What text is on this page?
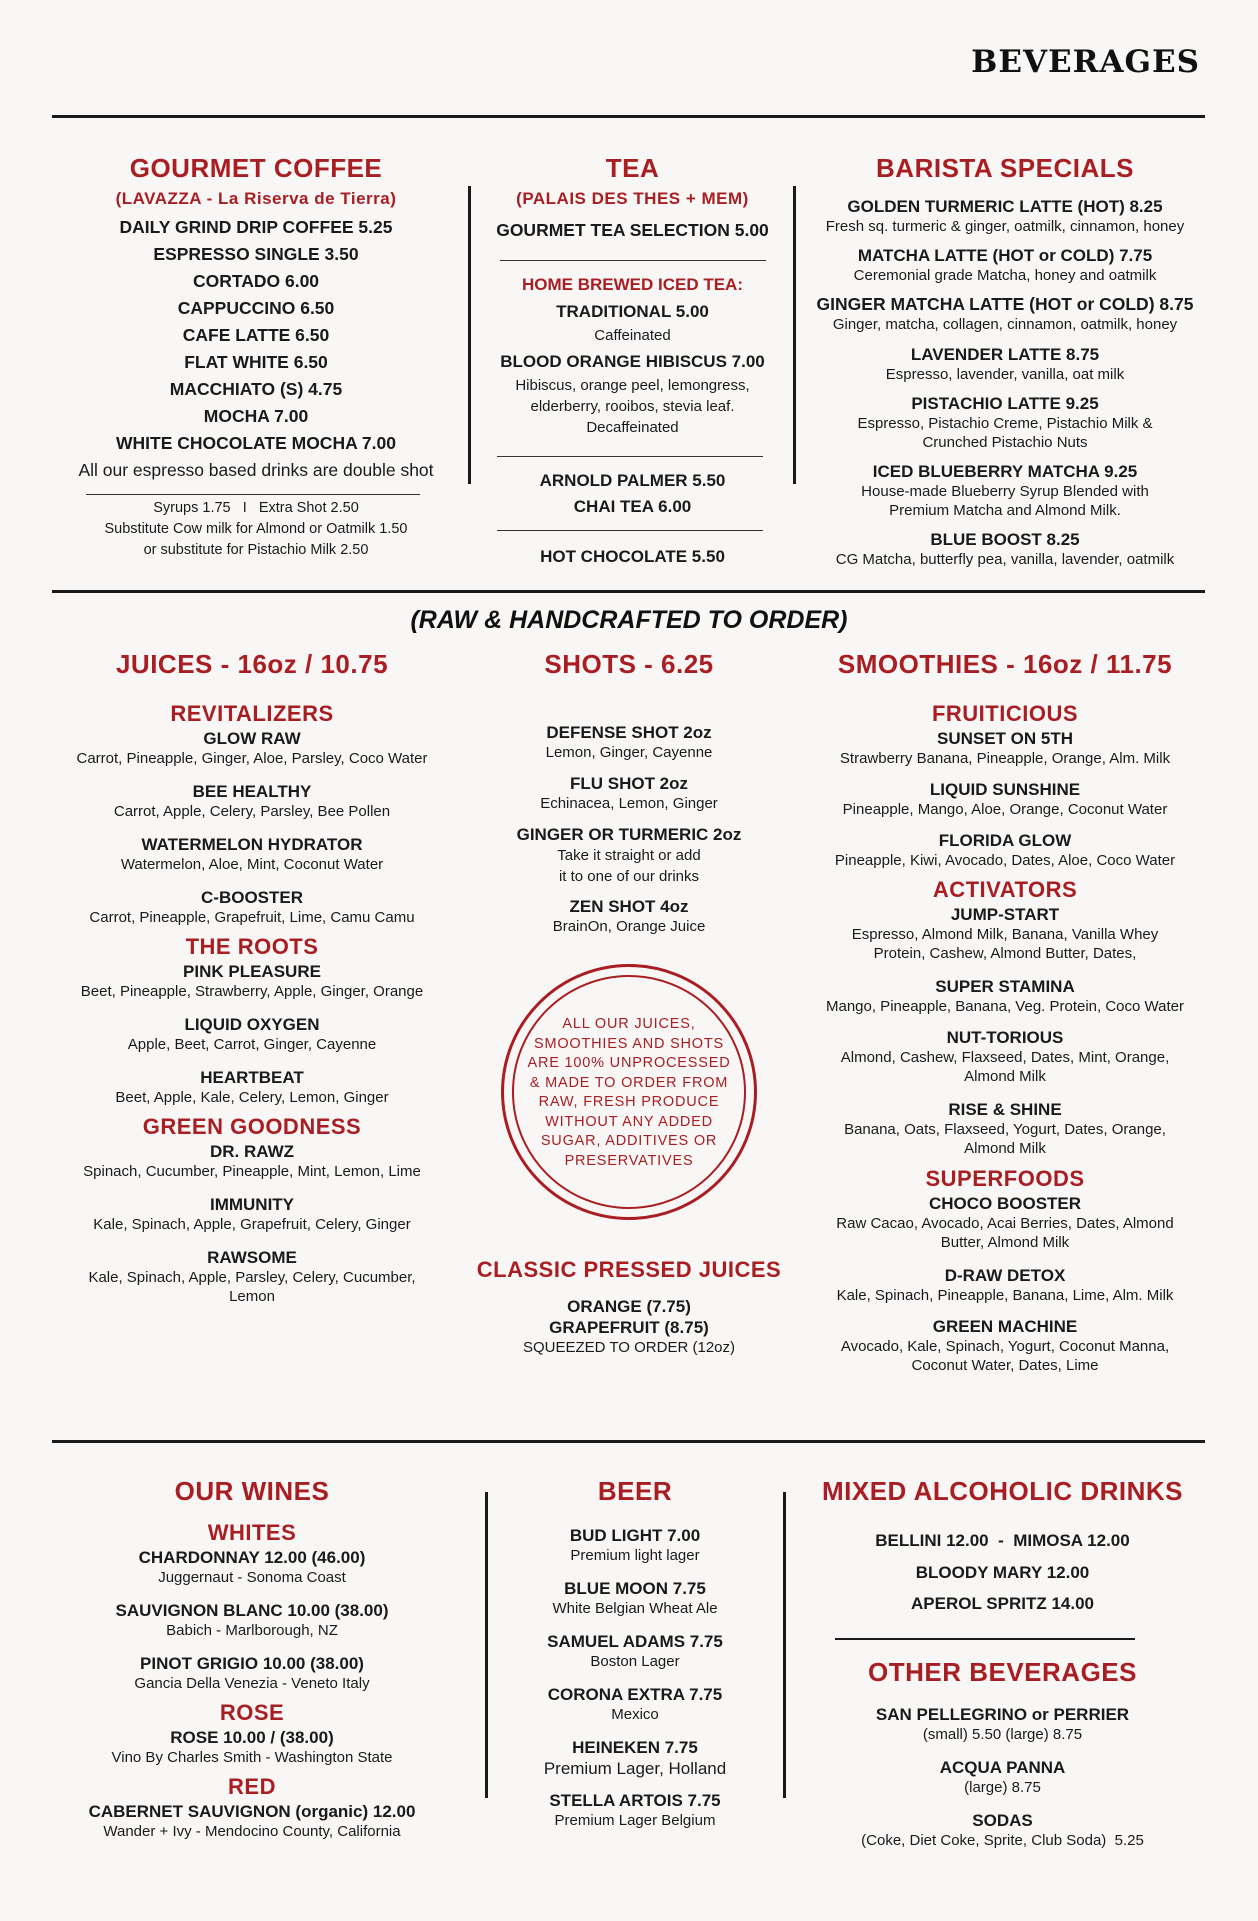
BEVERAGES
GOURMET COFFEE
(LAVAZZA - La Riserva de Tierra)
DAILY GRIND DRIP COFFEE 5.25
ESPRESSO SINGLE 3.50
CORTADO 6.00
CAPPUCCINO 6.50
CAFE LATTE 6.50
FLAT WHITE 6.50
MACCHIATO (S) 4.75
MOCHA 7.00
WHITE CHOCOLATE MOCHA 7.00
All our espresso based drinks are double shot
Syrups 1.75   I   Extra Shot 2.50
Substitute Cow milk for Almond or Oatmilk 1.50
or substitute for Pistachio Milk 2.50
TEA
(PALAIS DES THES + MEM)
GOURMET TEA SELECTION 5.00
HOME BREWED ICED TEA:
TRADITIONAL 5.00
Caffeinated
BLOOD ORANGE HIBISCUS 7.00
Hibiscus, orange peel, lemongress,
elderberry, rooibos, stevia leaf.
Decaffeinated
ARNOLD PALMER 5.50
CHAI TEA 6.00
HOT CHOCOLATE 5.50
BARISTA SPECIALS
GOLDEN TURMERIC LATTE (HOT) 8.25
Fresh sq. turmeric & ginger, oatmilk, cinnamon, honey
MATCHA LATTE (HOT or COLD) 7.75
Ceremonial grade Matcha, honey and oatmilk
GINGER MATCHA LATTE (HOT or COLD) 8.75
Ginger, matcha, collagen, cinnamon, oatmilk, honey
LAVENDER LATTE 8.75
Espresso, lavender, vanilla, oat milk
PISTACHIO LATTE 9.25
Espresso, Pistachio Creme, Pistachio Milk & Crunched Pistachio Nuts
ICED BLUEBERRY MATCHA 9.25
House-made Blueberry Syrup Blended with Premium Matcha and Almond Milk.
BLUE BOOST 8.25
CG Matcha, butterfly pea, vanilla, lavender, oatmilk
(RAW & HANDCRAFTED TO ORDER)
JUICES - 16oz / 10.75
REVITALIZERS
GLOW RAW
Carrot, Pineapple, Ginger, Aloe, Parsley, Coco Water
BEE HEALTHY
Carrot, Apple, Celery, Parsley, Bee Pollen
WATERMELON HYDRATOR
Watermelon, Aloe, Mint, Coconut Water
C-BOOSTER
Carrot, Pineapple, Grapefruit, Lime, Camu Camu
THE ROOTS
PINK PLEASURE
Beet, Pineapple, Strawberry, Apple, Ginger, Orange
LIQUID OXYGEN
Apple, Beet, Carrot, Ginger, Cayenne
HEARTBEAT
Beet, Apple, Kale, Celery, Lemon, Ginger
GREEN GOODNESS
DR. RAWZ
Spinach, Cucumber, Pineapple, Mint, Lemon, Lime
IMMUNITY
Kale, Spinach, Apple, Grapefruit, Celery, Ginger
RAWSOME
Kale, Spinach, Apple, Parsley, Celery, Cucumber, Lemon
SHOTS - 6.25
DEFENSE SHOT 2oz
Lemon, Ginger, Cayenne
FLU SHOT 2oz
Echinacea, Lemon, Ginger
GINGER OR TURMERIC 2oz
Take it straight or add it to one of our drinks
ZEN SHOT 4oz
BrainOn, Orange Juice
ALL OUR JUICES, SMOOTHIES AND SHOTS ARE 100% UNPROCESSED & MADE TO ORDER FROM RAW, FRESH PRODUCE WITHOUT ANY ADDED SUGAR, ADDITIVES OR PRESERVATIVES
CLASSIC PRESSED JUICES
ORANGE (7.75)
GRAPEFRUIT (8.75)
SQUEEZED TO ORDER (12oz)
SMOOTHIES - 16oz / 11.75
FRUITICIOUS
SUNSET ON 5TH
Strawberry Banana, Pineapple, Orange, Alm. Milk
LIQUID SUNSHINE
Pineapple, Mango, Aloe, Orange, Coconut Water
FLORIDA GLOW
Pineapple, Kiwi, Avocado, Dates, Aloe, Coco Water
ACTIVATORS
JUMP-START
Espresso, Almond Milk, Banana, Vanilla Whey Protein, Cashew, Almond Butter, Dates,
SUPER STAMINA
Mango, Pineapple, Banana, Veg. Protein, Coco Water
NUT-TORIOUS
Almond, Cashew, Flaxseed, Dates, Mint, Orange, Almond Milk
RISE & SHINE
Banana, Oats, Flaxseed, Yogurt, Dates, Orange, Almond Milk
SUPERFOODS
CHOCO BOOSTER
Raw Cacao, Avocado, Acai Berries, Dates, Almond Butter, Almond Milk
D-RAW DETOX
Kale, Spinach, Pineapple, Banana, Lime, Alm. Milk
GREEN MACHINE
Avocado, Kale, Spinach, Yogurt, Coconut Manna, Coconut Water, Dates, Lime
OUR WINES
WHITES
CHARDONNAY 12.00 (46.00)
Juggernaut - Sonoma Coast
SAUVIGNON BLANC 10.00 (38.00)
Babich - Marlborough, NZ
PINOT GRIGIO 10.00 (38.00)
Gancia Della Venezia - Veneto Italy
ROSE
ROSE 10.00 / (38.00)
Vino By Charles Smith - Washington State
RED
CABERNET SAUVIGNON (organic) 12.00
Wander + Ivy - Mendocino County, California
BEER
BUD LIGHT 7.00
Premium light lager
BLUE MOON 7.75
White Belgian Wheat Ale
SAMUEL ADAMS 7.75
Boston Lager
CORONA EXTRA 7.75
Mexico
HEINEKEN 7.75
Premium Lager, Holland
STELLA ARTOIS 7.75
Premium Lager Belgium
MIXED ALCOHOLIC DRINKS
BELLINI 12.00  -  MIMOSA 12.00
BLOODY MARY 12.00
APEROL SPRITZ 14.00
OTHER BEVERAGES
SAN PELLEGRINO or PERRIER
(small) 5.50 (large) 8.75
ACQUA PANNA
(large) 8.75
SODAS
(Coke, Diet Coke, Sprite, Club Soda)  5.25
